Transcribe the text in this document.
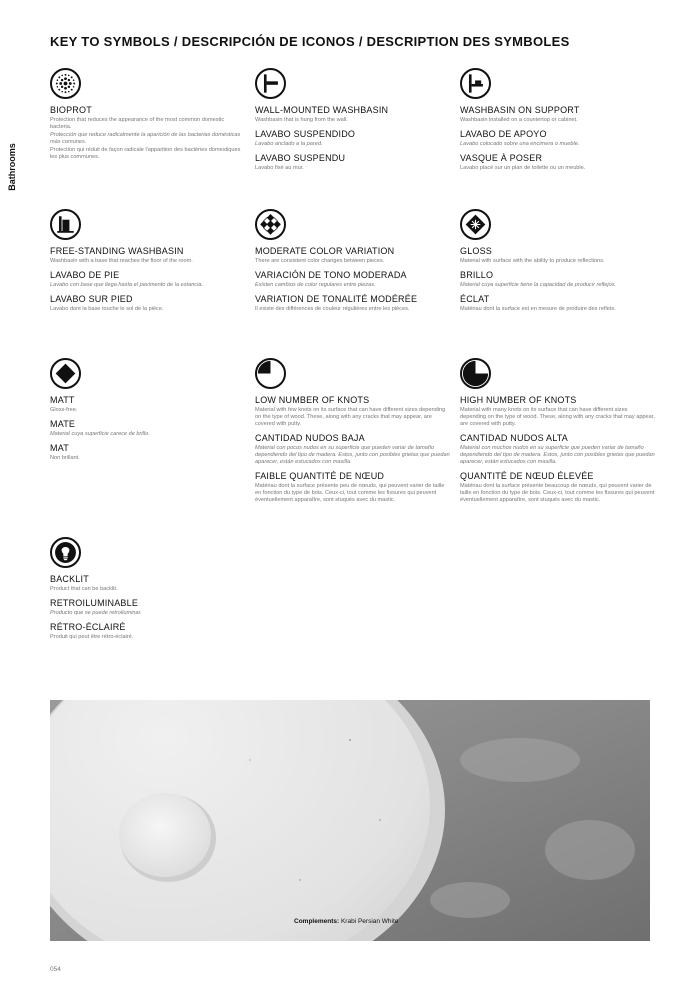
KEY TO SYMBOLS / DESCRIPCIÓN DE ICONOS / DESCRIPTION DES SYMBOLES
Bathrooms

BIOPROT

Protection that reduces the appearance of the most common domestic bacteria.

Protección que reduce radicalmente la aparición de las bacterias domésticas más comunes.

Protection qui réduit de façon radicale l'apparition des bactéries domestiques les plus communes.

WALL-MOUNTED WASHBASIN

Washbasin that is hung from the wall.

LAVABO SUSPENDIDO

Lavabo anclado a la pared.

LAVABO SUSPENDU

Lavabo fixé au mur.

WASHBASIN ON SUPPORT

Washbasin installed on a countertop or cabinet.

LAVABO DE APOYO

Lavabo colocado sobre una encimera o mueble.

VASQUE À POSER

Lavabo placé sur un plan de toilette ou un meuble.

FREE-STANDING WASHBASIN

Washbasin with a base that reaches the floor of the room.

LAVABO DE PIE

Lavabo con base que llega hasta el pavimento de la estancia.

LAVABO SUR PIED

Lavabo dont la base touche le sol de la pièce.

MODERATE COLOR VARIATION

There are consistent color changes between pieces.

VARIACIÓN DE TONO MODERADA

Existen cambios de color regulares entre piezas.

VARIATION DE TONALITÉ MODÉRÉE

Il existe des différences de couleur régulières entre les pièces.

GLOSS

Material with surface with the ability to produce reflections.

BRILLO

Material cuya superficie tiene la capacidad de producir reflejos.

ÉCLAT

Matériau dont la surface est en mesure de produire des reflets.

MATT

Gloss-free.

MATE

Material cuya superficie carece de brillo.

MAT

Non brillant.

LOW NUMBER OF KNOTS

Material with few knots on its surface that can have different sizes depending on the type of wood. These, along with any cracks that may appear, are covered with putty.

CANTIDAD NUDOS BAJA

Material con pocos nudos en su superficie que pueden variar de tamaño dependiendo del tipo de madera. Estos, junto con posibles grietas que puedan aparecer, están estucados con masilla.

FAIBLE QUANTITÉ DE NŒUD

Matériau dont la surface présente peu de nœuds, qui peuvent varier de taille en fonction du type de bois. Ceux-ci, tout comme les fissures qui peuvent éventuellement apparaître, sont stuqués avec du mastic.

HIGH NUMBER OF KNOTS

Material with many knots on its surface that can have different sizes depending on the type of wood. These, along with any cracks that may appear, are covered with putty.

CANTIDAD NUDOS ALTA

Material con muchos nudos en su superficie que pueden variar de tamaño dependiendo del tipo de madera. Estos, junto con posibles grietas que puedan aparecer, están estucados con masilla.

QUANTITÉ DE NŒUD ÉLEVÉE

Matériau dont la surface présente beaucoup de nœuds, qui peuvent varier de taille en fonction du type de bois. Ceux-ci, tout comme les fissures qui peuvent éventuellement apparaître, sont stuqués avec du mastic.

BACKLIT

Product that can be backlit.

RETROILUMINABLE

Producto que se puede retroiluminar.

RÉTRO-ÉCLAIRÉ

Produit qui peut être rétro-éclairé.

Complements: Krabi Persian White
054
